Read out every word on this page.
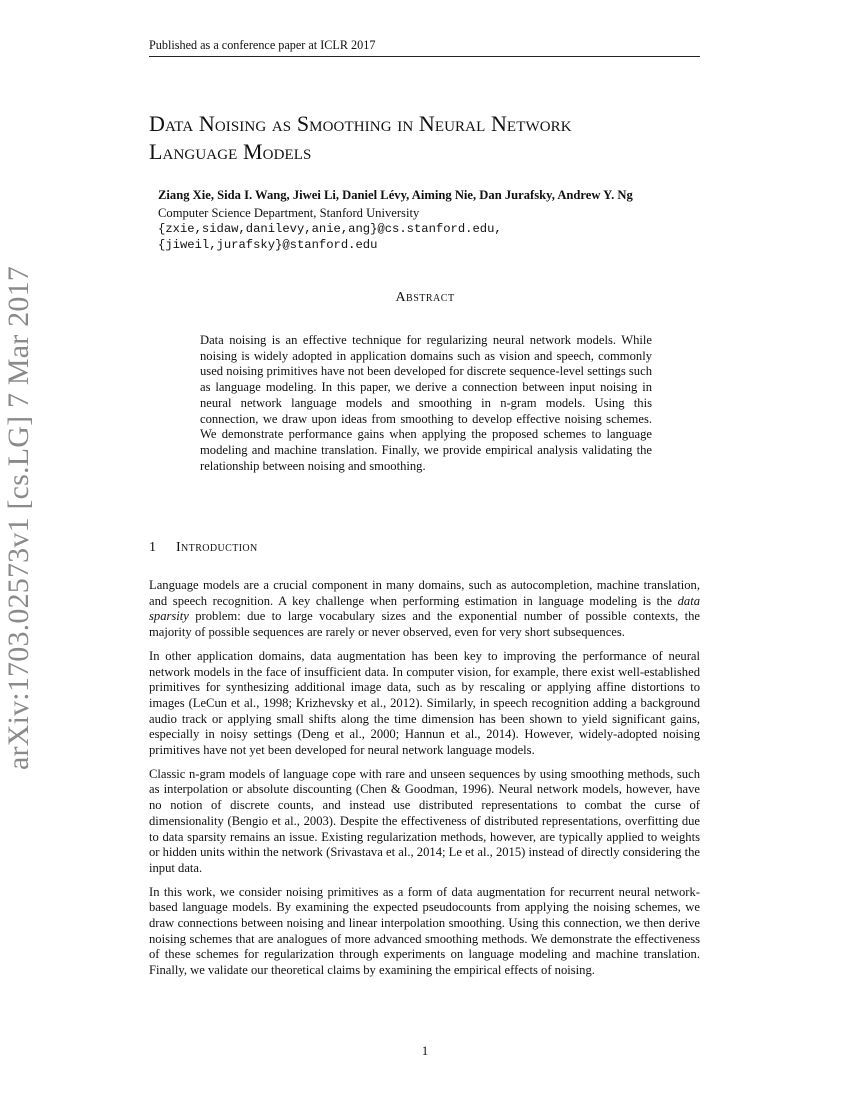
Published as a conference paper at ICLR 2017
Data Noising as Smoothing in Neural Network
Language Models
Ziang Xie, Sida I. Wang, Jiwei Li, Daniel Lévy, Aiming Nie, Dan Jurafsky, Andrew Y. Ng
Computer Science Department, Stanford University
{zxie,sidaw,danilevy,anie,ang}@cs.stanford.edu,
{jiweil,jurafsky}@stanford.edu
Abstract

Data noising is an effective technique for regularizing neural network models. While noising is widely adopted in application domains such as vision and speech, commonly used noising primitives have not been developed for discrete sequence-level settings such as language modeling. In this paper, we derive a connection between input noising in neural network language models and smoothing in n-gram models. Using this connection, we draw upon ideas from smoothing to develop effective noising schemes. We demonstrate performance gains when applying the proposed schemes to language modeling and machine translation. Finally, we provide empirical analysis validating the relationship between noising and smoothing.

1 Introduction

Language models are a crucial component in many domains, such as autocompletion, machine translation, and speech recognition. A key challenge when performing estimation in language modeling is the data sparsity problem: due to large vocabulary sizes and the exponential number of possible contexts, the majority of possible sequences are rarely or never observed, even for very short subsequences.

In other application domains, data augmentation has been key to improving the performance of neural network models in the face of insufficient data. In computer vision, for example, there exist well-established primitives for synthesizing additional image data, such as by rescaling or applying affine distortions to images (LeCun et al., 1998; Krizhevsky et al., 2012). Similarly, in speech recognition adding a background audio track or applying small shifts along the time dimension has been shown to yield significant gains, especially in noisy settings (Deng et al., 2000; Hannun et al., 2014). However, widely-adopted noising primitives have not yet been developed for neural network language models.

Classic n-gram models of language cope with rare and unseen sequences by using smoothing methods, such as interpolation or absolute discounting (Chen & Goodman, 1996). Neural network models, however, have no notion of discrete counts, and instead use distributed representations to combat the curse of dimensionality (Bengio et al., 2003). Despite the effectiveness of distributed representations, overfitting due to data sparsity remains an issue. Existing regularization methods, however, are typically applied to weights or hidden units within the network (Srivastava et al., 2014; Le et al., 2015) instead of directly considering the input data.

In this work, we consider noising primitives as a form of data augmentation for recurrent neural network-based language models. By examining the expected pseudocounts from applying the noising schemes, we draw connections between noising and linear interpolation smoothing. Using this connection, we then derive noising schemes that are analogues of more advanced smoothing methods. We demonstrate the effectiveness of these schemes for regularization through experiments on language modeling and machine translation. Finally, we validate our theoretical claims by examining the empirical effects of noising.

1
arXiv:1703.02573v1 [cs.LG] 7 Mar 2017
